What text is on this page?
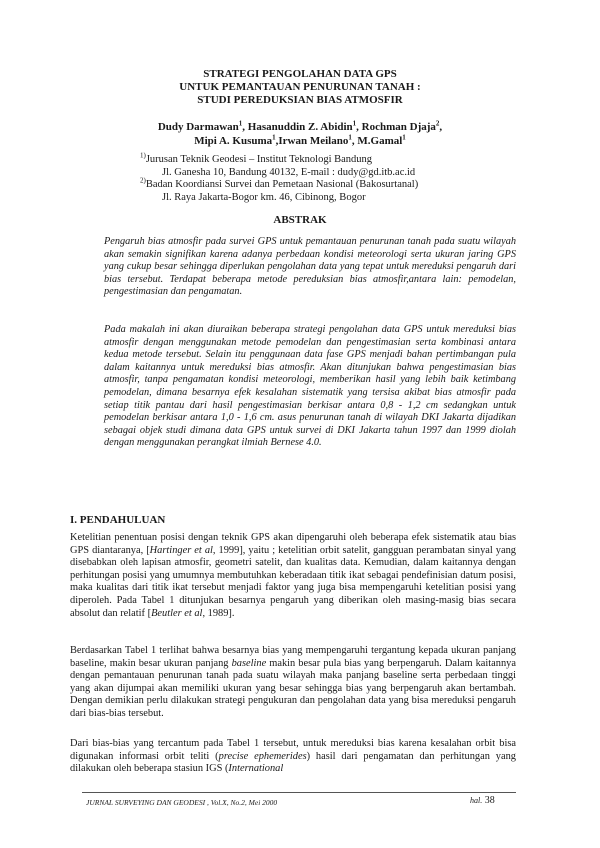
STRATEGI PENGOLAHAN DATA GPS
UNTUK PEMANTAUAN PENURUNAN TANAH :
STUDI PEREDUKSIAN BIAS ATMOSFIR
Dudy Darmawan$^1$, Hasanuddin Z. Abidin$^1$, Rochman Djaja$^2$,
Mipi A. Kusuma$^1$,Irwan Meilano$^1$, M.Gamal$^1$
$^{1)}$Jurusan Teknik Geodesi – Institut Teknologi Bandung
Jl. Ganesha 10, Bandung 40132, E-mail : dudy@gd.itb.ac.id
$^{2)}$Badan Koordiansi Survei dan Pemetaan Nasional (Bakosurtanal)
Jl. Raya Jakarta-Bogor km. 46, Cibinong, Bogor
ABSTRAK
Pengaruh bias atmosfir pada survei GPS untuk pemantauan penurunan tanah pada suatu wilayah akan semakin signifikan karena adanya perbedaan kondisi meteorologi serta ukuran jaring GPS yang cukup besar sehingga diperlukan pengolahan data yang tepat untuk mereduksi pengaruh dari bias tersebut. Terdapat beberapa metode pereduksian bias atmosfir,antara lain: pemodelan, pengestimasian dan pengamatan.
Pada makalah ini akan diuraikan beberapa strategi pengolahan data GPS untuk mereduksi bias atmosfir dengan menggunakan metode pemodelan dan pengestimasian serta kombinasi antara kedua metode tersebut. Selain itu penggunaan data fase GPS menjadi bahan pertimbangan pula dalam kaitannya untuk mereduksi bias atmosfir. Akan ditunjukan bahwa pengestimasian bias atmosfir, tanpa pengamatan kondisi meteorologi, memberikan hasil yang lebih baik ketimbang pemodelan, dimana besarnya efek kesalahan sistematik yang tersisa akibat bias atmosfir pada setiap titik pantau dari hasil pengestimasian berkisar antara 0,8 - 1,2 cm sedangkan untuk pemodelan berkisar antara 1,0 - 1,6 cm. asus penurunan tanah di wilayah DKI Jakarta dijadikan sebagai objek studi dimana data GPS untuk survei di DKI Jakarta tahun 1997 dan 1999 diolah dengan menggunakan perangkat ilmiah Bernese 4.0.
I. PENDAHULUAN
Ketelitian penentuan posisi dengan teknik GPS akan dipengaruhi oleh beberapa efek sistematik atau bias GPS diantaranya, [Hartinger et al, 1999], yaitu ; ketelitian orbit satelit, gangguan perambatan sinyal yang disebabkan oleh lapisan atmosfir, geometri satelit, dan kualitas data. Kemudian, dalam kaitannya dengan perhitungan posisi yang umumnya membutuhkan keberadaan titik ikat sebagai pendefinisian datum posisi, maka kualitas dari titik ikat tersebut menjadi faktor yang juga bisa mempengaruhi ketelitian posisi yang diperoleh. Pada Tabel 1 ditunjukan besarnya pengaruh yang diberikan oleh masing-masig bias secara absolut dan relatif [Beutler et al, 1989].
Berdasarkan Tabel 1 terlihat bahwa besarnya bias yang mempengaruhi tergantung kepada ukuran panjang baseline, makin besar ukuran panjang baseline makin besar pula bias yang berpengaruh. Dalam kaitannya dengan pemantauan penurunan tanah pada suatu wilayah maka panjang baseline serta perbedaan tinggi yang akan dijumpai akan memiliki ukuran yang besar sehingga bias yang berpengaruh akan bertambah. Dengan demikian perlu dilakukan strategi pengukuran dan pengolahan data yang bisa mereduksi pengaruh dari bias-bias tersebut.
Dari bias-bias yang tercantum pada Tabel 1 tersebut, untuk mereduksi bias karena kesalahan orbit bisa digunakan informasi orbit teliti (precise ephemerides) hasil dari pengamatan dan perhitungan yang dilakukan oleh beberapa stasiun IGS (International
JURNAL SURVEYING DAN GEODESI , Vol.X, No.2, Mei 2000	hal. 38
